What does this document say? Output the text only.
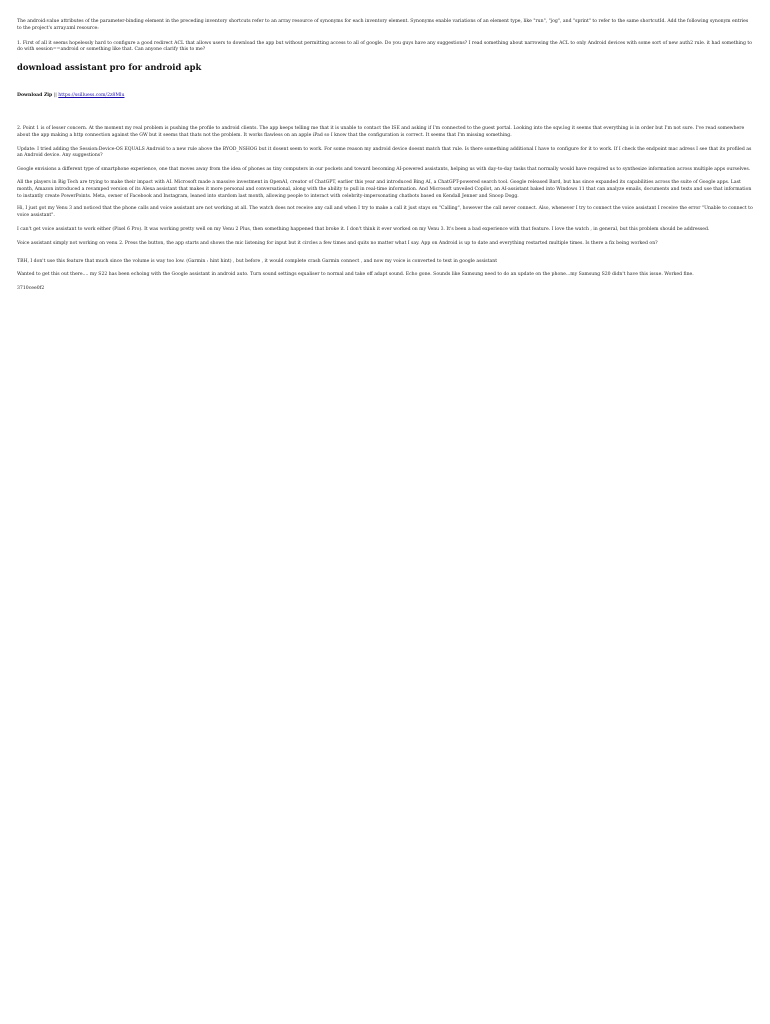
The android:value attributes of the parameter-binding element in the preceding inventory shortcuts refer to an array resource of synonyms for each inventory element. Synonyms enable variations of an element type, like "run", "jog", and "sprint" to refer to the same shortcutId. Add the following synonym entries to the project's array.xml resource:

1. First of all it seems hopelessly hard to configure a good redirect ACL that allows users to download the app but without permitting access to all of google. Do you guys have any suggestions? I read something about narrowing the ACL to only Android devices with some sort of new auth2 rule. it had something to do with session==android or something like that. Can anyone clarify this to me?

download assistant pro for android apk

Download Zip || https://ssilluess.com/2z8Mlu

2. Point 1 is of lesser concern. At the moment my real problem is pushing the profile to android clients. The app keeps telling me that it is unable to contact the ISE and asking if I'm connected to the guest portal. Looking into the sqw.log it seems that everything is in order but I'm not sure. I've read somewhere about the app making a http connection against the GW but it seems that thats not the problem. It works flawless on an apple iPad so I know that the configuration is correct. It seems that I'm missing something.

Update: I tried adding the Session:Device-OS EQUALS Android to a new rule above the BYOD_NSHOG but it dosent seem to work. For some reason my android device doesnt match that rule. Is there something additional I have to configure for it to work. If I check the endpoint mac adress I see that its profiled as an Android device. Any suggestions?

Google envisions a different type of smartphone experience, one that moves away from the idea of phones as tiny computers in our pockets and toward becoming AI-powered assistants, helping us with day-to-day tasks that normally would have required us to synthesize information across multiple apps ourselves.

All the players in Big Tech are trying to make their impact with AI. Microsoft made a massive investment in OpenAI, creator of ChatGPT, earlier this year and introduced Bing AI, a ChatGPT-powered search tool. Google released Bard, but has since expanded its capabilities across the suite of Google apps. Last month, Amazon introduced a revamped version of its Alexa assistant that makes it more personal and conversational, along with the ability to pull in real-time information. And Microsoft unveiled Copilot, an AI-assistant baked into Windows 11 that can analyze emails, documents and texts and use that information to instantly create PowerPoints. Meta, owner of Facebook and Instagram, leaned into stardom last month, allowing people to interact with celebrity-impersonating chatbots based on Kendall Jenner and Snoop Dogg.

Hi, I just got my Venu 3 and noticed that the phone calls and voice assistant are not working at all. The watch does not receive any call and when I try to make a call it just stays on "Calling", however the call never connect. Also, whenever I try to connect the voice assistant I receive the error "Unable to connect to voice assistant".

I can't get voice assistant to work either (Pixel 6 Pro). It was working pretty well on my Venu 2 Plus, then something happened that broke it. I don't think it ever worked on my Venu 3. It's been a bad experience with that feature. I love the watch , in general, but this problem should be addressed.

Voice assistant simply not working on venu 2. Press the button, the app starts and shows the mic listening for input but it circles a few times and quits no matter what I say. App on Android is up to date and everything restarted multiple times. Is there a fix being worked on?

TBH, I don't use this feature that much since the volume is way too low. (Garmin : hint hint) , but before , it would complete crash Garmin connect , and now my voice is converted to text in google assistant

Wanted to get this out there.... my S22 has been echoing with the Google assistant in android auto. Turn sound settings equaliser to normal and take off adapt sound. Echo gone. Sounds like Samsung need to do an update on the phone...my Samsung S20 didn't have this issue. Worked fine.

3710cee0f2
